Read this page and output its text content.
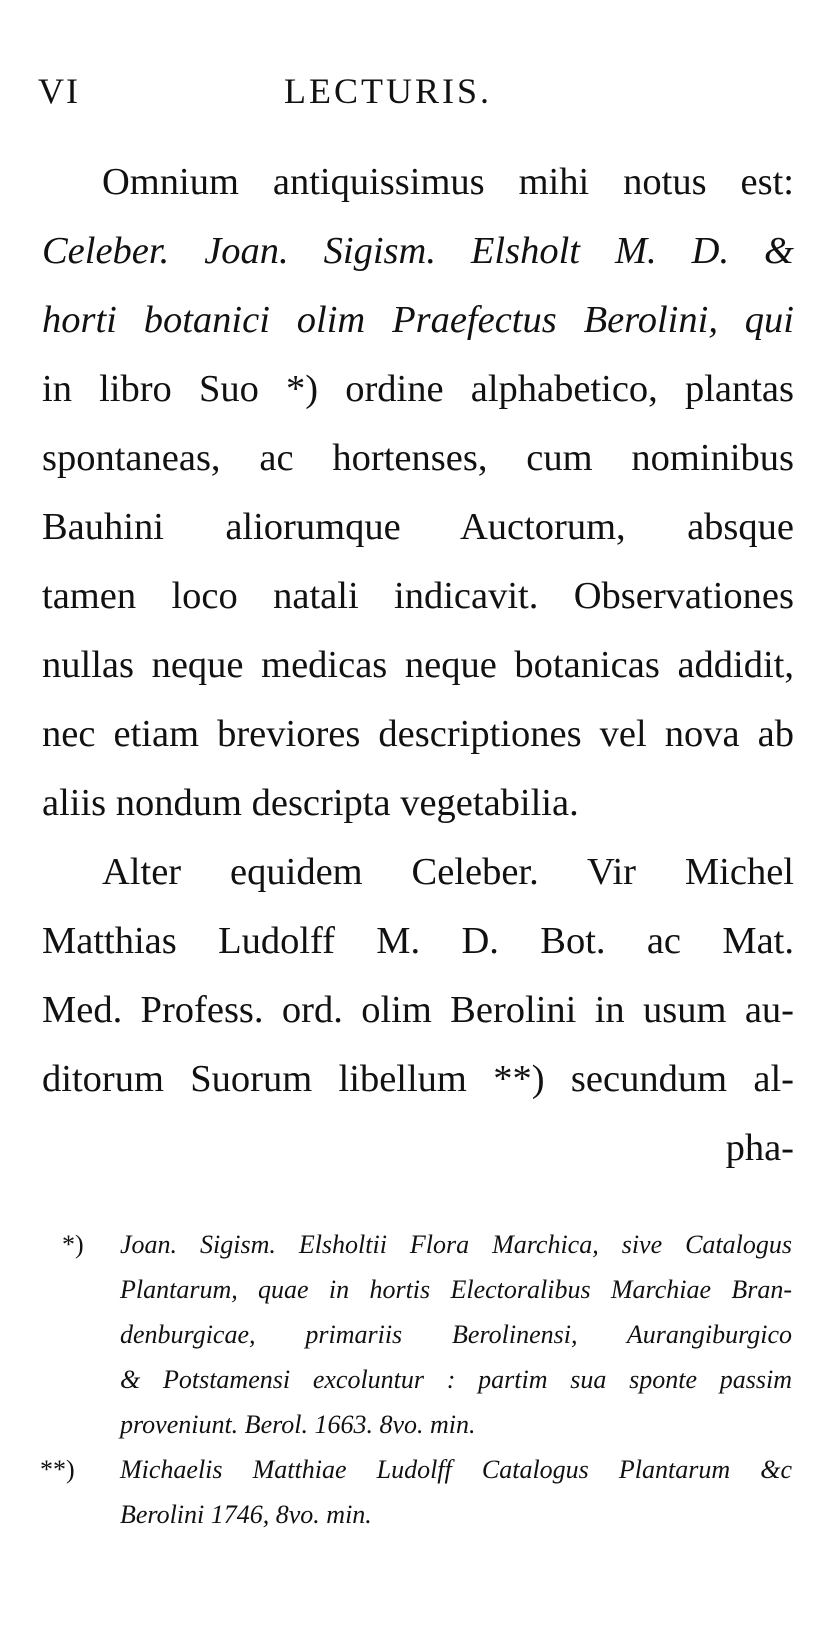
VI	LECTURIS.
Omnium antiquissimus mihi notus est:
Celeber. Joan. Sigism. Elsholt M. D. &
horti botanici olim Praefectus Berolini, qui
in libro Suo *) ordine alphabetico, plantas
spontaneas, ac hortenses, cum nominibus
Bauhini aliorumque Auctorum, absque
tamen loco natali indicavit. Observationes
nullas neque medicas neque botanicas addidit,
nec etiam breviores descriptiones vel nova ab
aliis nondum descripta vegetabilia.
Alter equidem Celeber. Vir Michel
Matthias Ludolff M. D. Bot. ac Mat.
Med. Profess. ord. olim Berolini in usum au-
ditorum Suorum libellum **) secundum al-
pha-
*) Joan. Sigism. Elsholtii Flora Marchica, sive Catalogus
Plantarum, quae in hortis Electoralibus Marchiae Bran-
denburgicae, primariis Berolinensi, Aurangiburgico
& Potstamensi excoluntur : partim sua sponte passim
proveniunt. Berol. 1663. 8vo. min.
**) Michaelis Matthiae Ludolff Catalogus Plantarum &c
Berolini 1746, 8vo. min.
